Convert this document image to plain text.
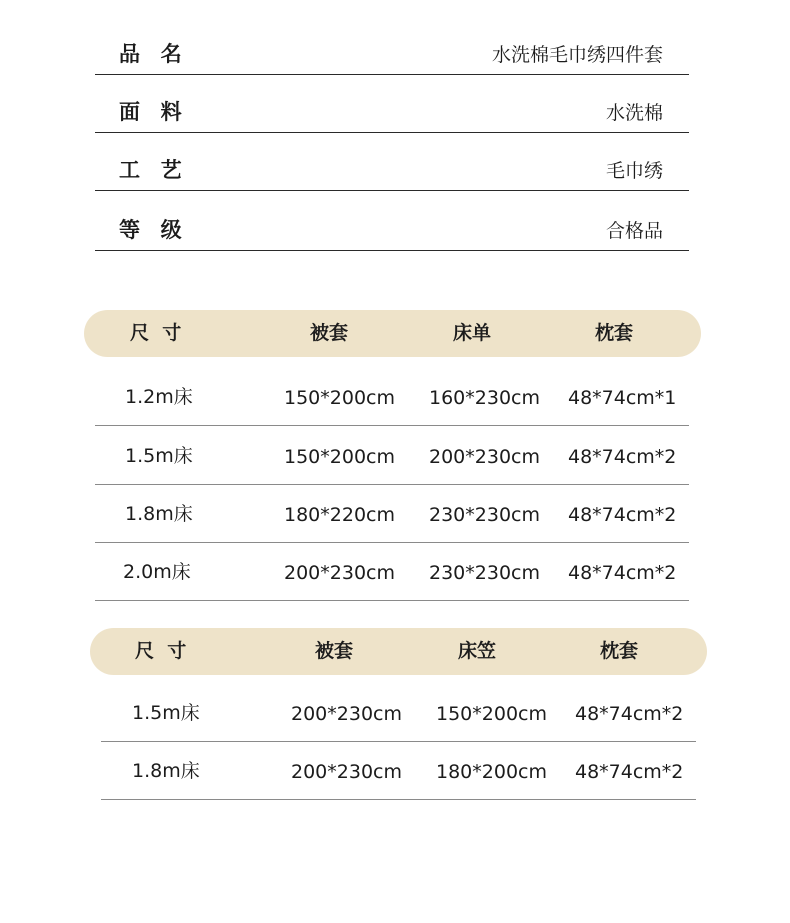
品  名	水洗棉毛巾绣四件套
面  料	水洗棉
工  艺	毛巾绣
等  级	合格品
尺  寸	被套	床单	枕套
1.2m床	150*200cm 160*230cm 48*74cm*1
1.5m床	150*200cm 200*230cm 48*74cm*2
1.8m床	180*220cm 230*230cm 48*74cm*2
2.0m床	200*230cm 230*230cm 48*74cm*2
尺  寸	被套	床笠	枕套
1.5m床	200*230cm 150*200cm 48*74cm*2
1.8m床	200*230cm 180*200cm 48*74cm*2
